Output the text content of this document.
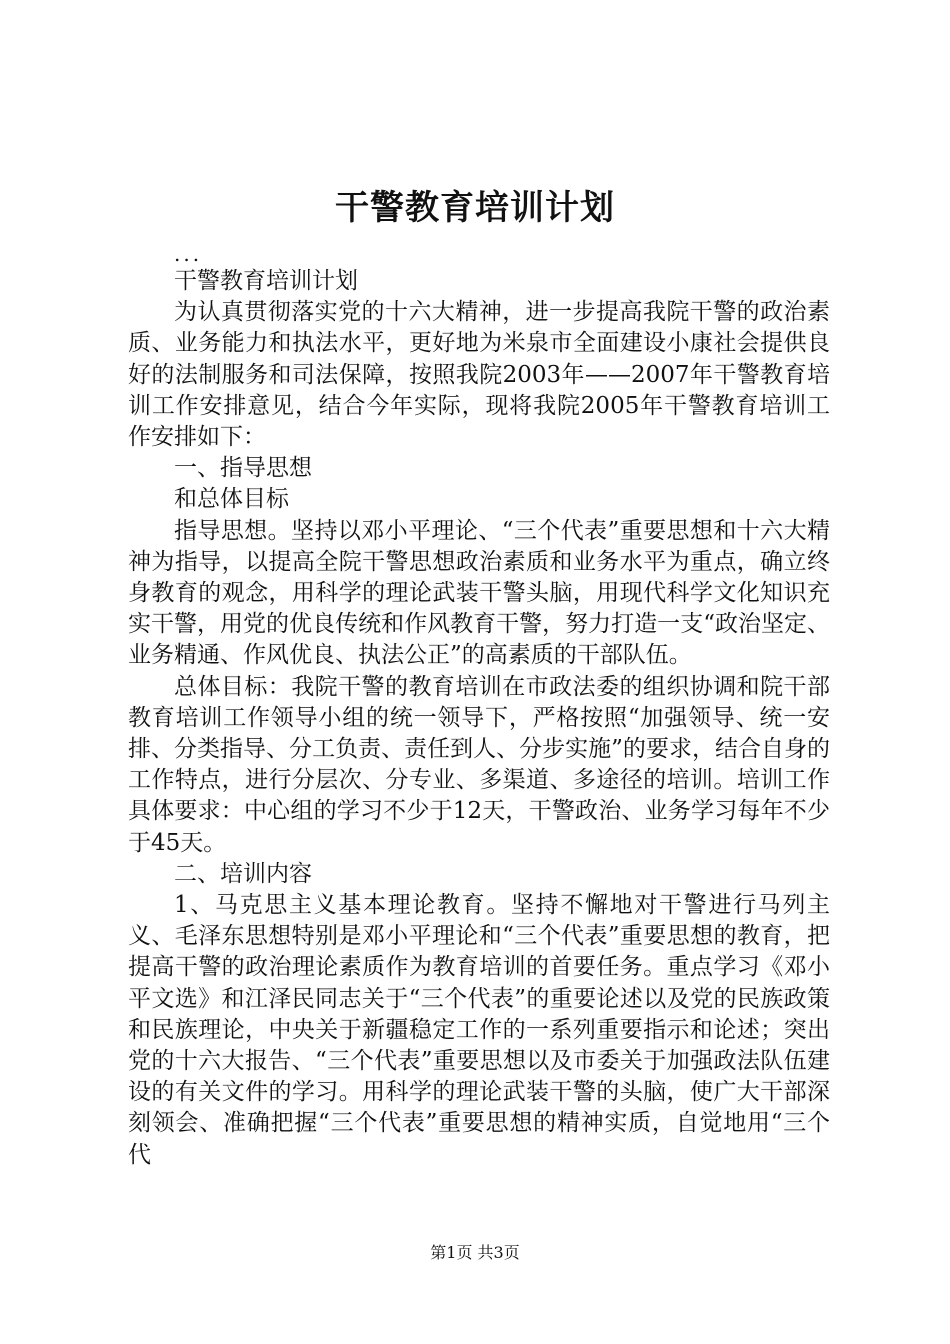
干警教育培训计划

...

干警教育培训计划

为认真贯彻落实党的十六大精神，进一步提高我院干警的政治素质、业务能力和执法水平，更好地为米泉市全面建设小康社会提供良好的法制服务和司法保障，按照我院2003年——2007年干警教育培训工作安排意见，结合今年实际，现将我院2005年干警教育培训工作安排如下：

一、指导思想

和总体目标

指导思想。坚持以邓小平理论、“三个代表”重要思想和十六大精神为指导，以提高全院干警思想政治素质和业务水平为重点，确立终身教育的观念，用科学的理论武装干警头脑，用现代科学文化知识充实干警，用党的优良传统和作风教育干警，努力打造一支“政治坚定、业务精通、作风优良、执法公正”的高素质的干部队伍。

总体目标：我院干警的教育培训在市政法委的组织协调和院干部教育培训工作领导小组的统一领导下，严格按照“加强领导、统一安排、分类指导、分工负责、责任到人、分步实施”的要求，结合自身的工作特点，进行分层次、分专业、多渠道、多途径的培训。培训工作具体要求：中心组的学习不少于12天，干警政治、业务学习每年不少于45天。

二、培训内容

1、马克思主义基本理论教育。坚持不懈地对干警进行马列主义、毛泽东思想特别是邓小平理论和“三个代表”重要思想的教育，把提高干警的政治理论素质作为教育培训的首要任务。重点学习《邓小平文选》和江泽民同志关于“三个代表”的重要论述以及党的民族政策和民族理论，中央关于新疆稳定工作的一系列重要指示和论述；突出党的十六大报告、“三个代表”重要思想以及市委关于加强政法队伍建设的有关文件的学习。用科学的理论武装干警的头脑，使广大干部深刻领会、准确把握“三个代表”重要思想的精神实质，自觉地用“三个代

第1页 共3页
